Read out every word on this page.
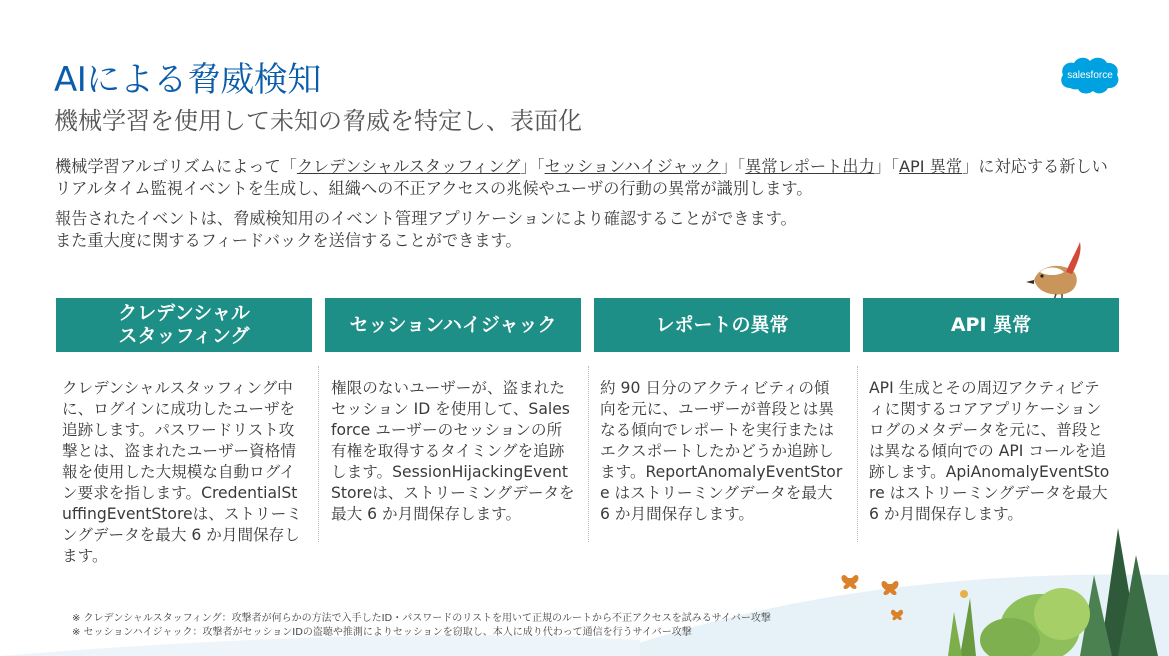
AIによる脅威検知
機械学習を使用して未知の脅威を特定し、表面化
salesforce

機械学習アルゴリズムによって「クレデンシャルスタッフィング」「セッションハイジャック」「異常レポート出力」「API 異常」に対応する新しいリアルタイム監視イベントを生成し、組織への不正アクセスの兆候やユーザの行動の異常が識別します。

報告されたイベントは、脅威検知用のイベント管理アプリケーションにより確認することができます。
また重大度に関するフィードバックを送信することができます。

クレデンシャル
スタッフィング
セッションハイジャック	レポートの異常	API 異常
クレデンシャルスタッフィング中に、ログインに成功したユーザを追跡します。パスワードリスト攻撃とは、盗まれたユーザー資格情報を使用した大規模な自動ログイン要求を指します。CredentialStuffingEventStoreは、ストリーミングデータを最大 6 か月間保存します。
権限のないユーザーが、盗まれたセッション ID を使用して、Salesforce ユーザーのセッションの所有権を取得するタイミングを追跡します。SessionHijackingEventStoreは、ストリーミングデータを最大 6 か月間保存します。
約 90 日分のアクティビティの傾向を元に、ユーザーが普段とは異なる傾向でレポートを実行またはエクスポートしたかどうか追跡します。ReportAnomalyEventStore はストリーミングデータを最大 6 か月間保存します。
API 生成とその周辺アクティビティに関するコアアプリケーションログのメタデータを元に、普段とは異なる傾向での API コールを追跡します。ApiAnomalyEventStore はストリーミングデータを最大 6 か月間保存します。
※ クレデンシャルスタッフィング：攻撃者が何らかの方法で入手したID・パスワードのリストを用いて正規のルートから不正アクセスを試みるサイバー攻撃
※ セッションハイジャック：攻撃者がセッションIDの盗聴や推測によりセッションを窃取し、本人に成り代わって通信を行うサイバー攻撃
